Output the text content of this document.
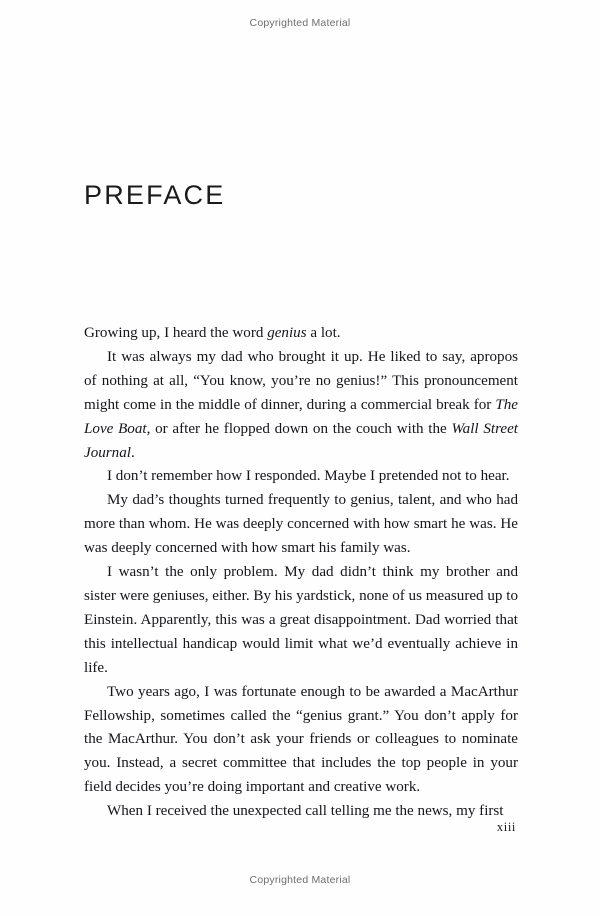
Copyrighted Material
PREFACE

Growing up, I heard the word genius a lot.

It was always my dad who brought it up. He liked to say, apropos of nothing at all, “You know, you’re no genius!” This pronouncement might come in the middle of dinner, during a commercial break for The Love Boat, or after he flopped down on the couch with the Wall Street Journal.

I don’t remember how I responded. Maybe I pretended not to hear.

My dad’s thoughts turned frequently to genius, talent, and who had more than whom. He was deeply concerned with how smart he was. He was deeply concerned with how smart his family was.

I wasn’t the only problem. My dad didn’t think my brother and sister were geniuses, either. By his yardstick, none of us measured up to Einstein. Apparently, this was a great disappointment. Dad worried that this intellectual handicap would limit what we’d eventually achieve in life.

Two years ago, I was fortunate enough to be awarded a MacArthur Fellowship, sometimes called the “genius grant.” You don’t apply for the MacArthur. You don’t ask your friends or colleagues to nominate you. Instead, a secret committee that includes the top people in your field decides you’re doing important and creative work.

When I received the unexpected call telling me the news, my first

xiii
Copyrighted Material
